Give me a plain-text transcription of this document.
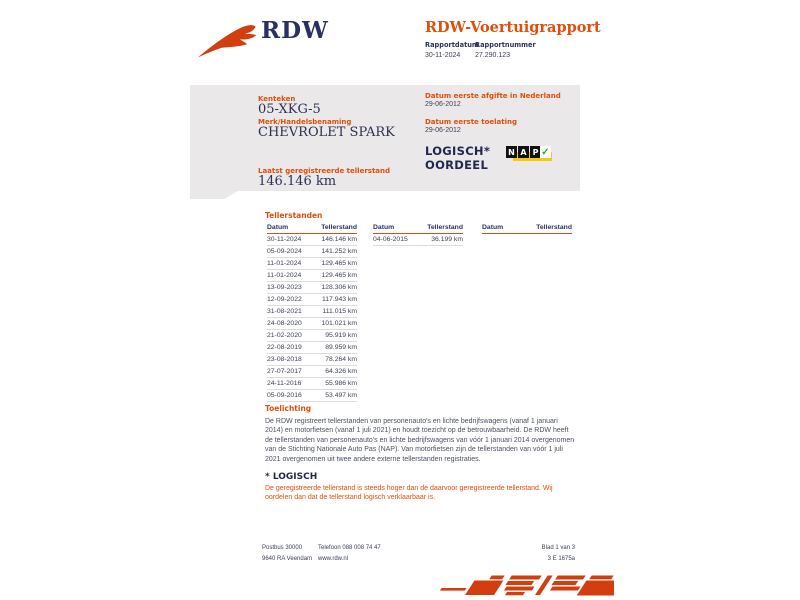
RDW	RDW-Voertuigrapport
Rapportdatum
30-11-2024
Rapportnummer
27.290.123
Kenteken
05-XKG-5
Merk/Handelsbenaming
CHEVROLET SPARK
Laatst geregistreerde tellerstand
146.146 km
Datum eerste afgifte in Nederland
29-06-2012
Datum eerste toelating
29-06-2012
LOGISCH*
OORDEEL
N A P ✓
Tellerstanden
Datum	Tellerstand
30-11-2024	146.146 km
05-09-2024	141.252 km
11-01-2024	129.465 km
11-01-2024	129.465 km
13-09-2023	128.306 km
12-09-2022	117.943 km
31-08-2021	111.015 km
24-08-2020	101.021 km
21-02-2020	95.919 km
22-08-2019	89.959 km
23-08-2018	78.264 km
27-07-2017	64.326 km
24-11-2016	55.986 km
05-09-2016	53.497 km
Datum	Tellerstand
04-06-2015	36.199 km
Datum	Tellerstand
Toelichting
De RDW registreert tellerstanden van personenauto's en lichte bedrijfswagens (vanaf 1 januari 2014) en motorfietsen (vanaf 1 juli 2021) en houdt toezicht op de betrouwbaarheid. De RDW heeft de tellerstanden van personenauto's en lichte bedrijfswagens van vóór 1 januari 2014 overgenomen van de Stichting Nationale Auto Pas (NAP). Van motorfietsen zijn de tellerstanden van vóór 1 juli 2021 overgenomen uit twee andere externe tellerstanden registraties.
* LOGISCH
De geregistreerde tellerstand is steeds hoger dan de daarvoor geregistreerde tellerstand. Wij oordelen dan dat de tellerstand logisch verklaarbaar is.
Postbus 30000
9640 RA Veendam
Telefoon 088 008 74 47
www.rdw.nl
Blad 1 van 3
3 E 1675a
